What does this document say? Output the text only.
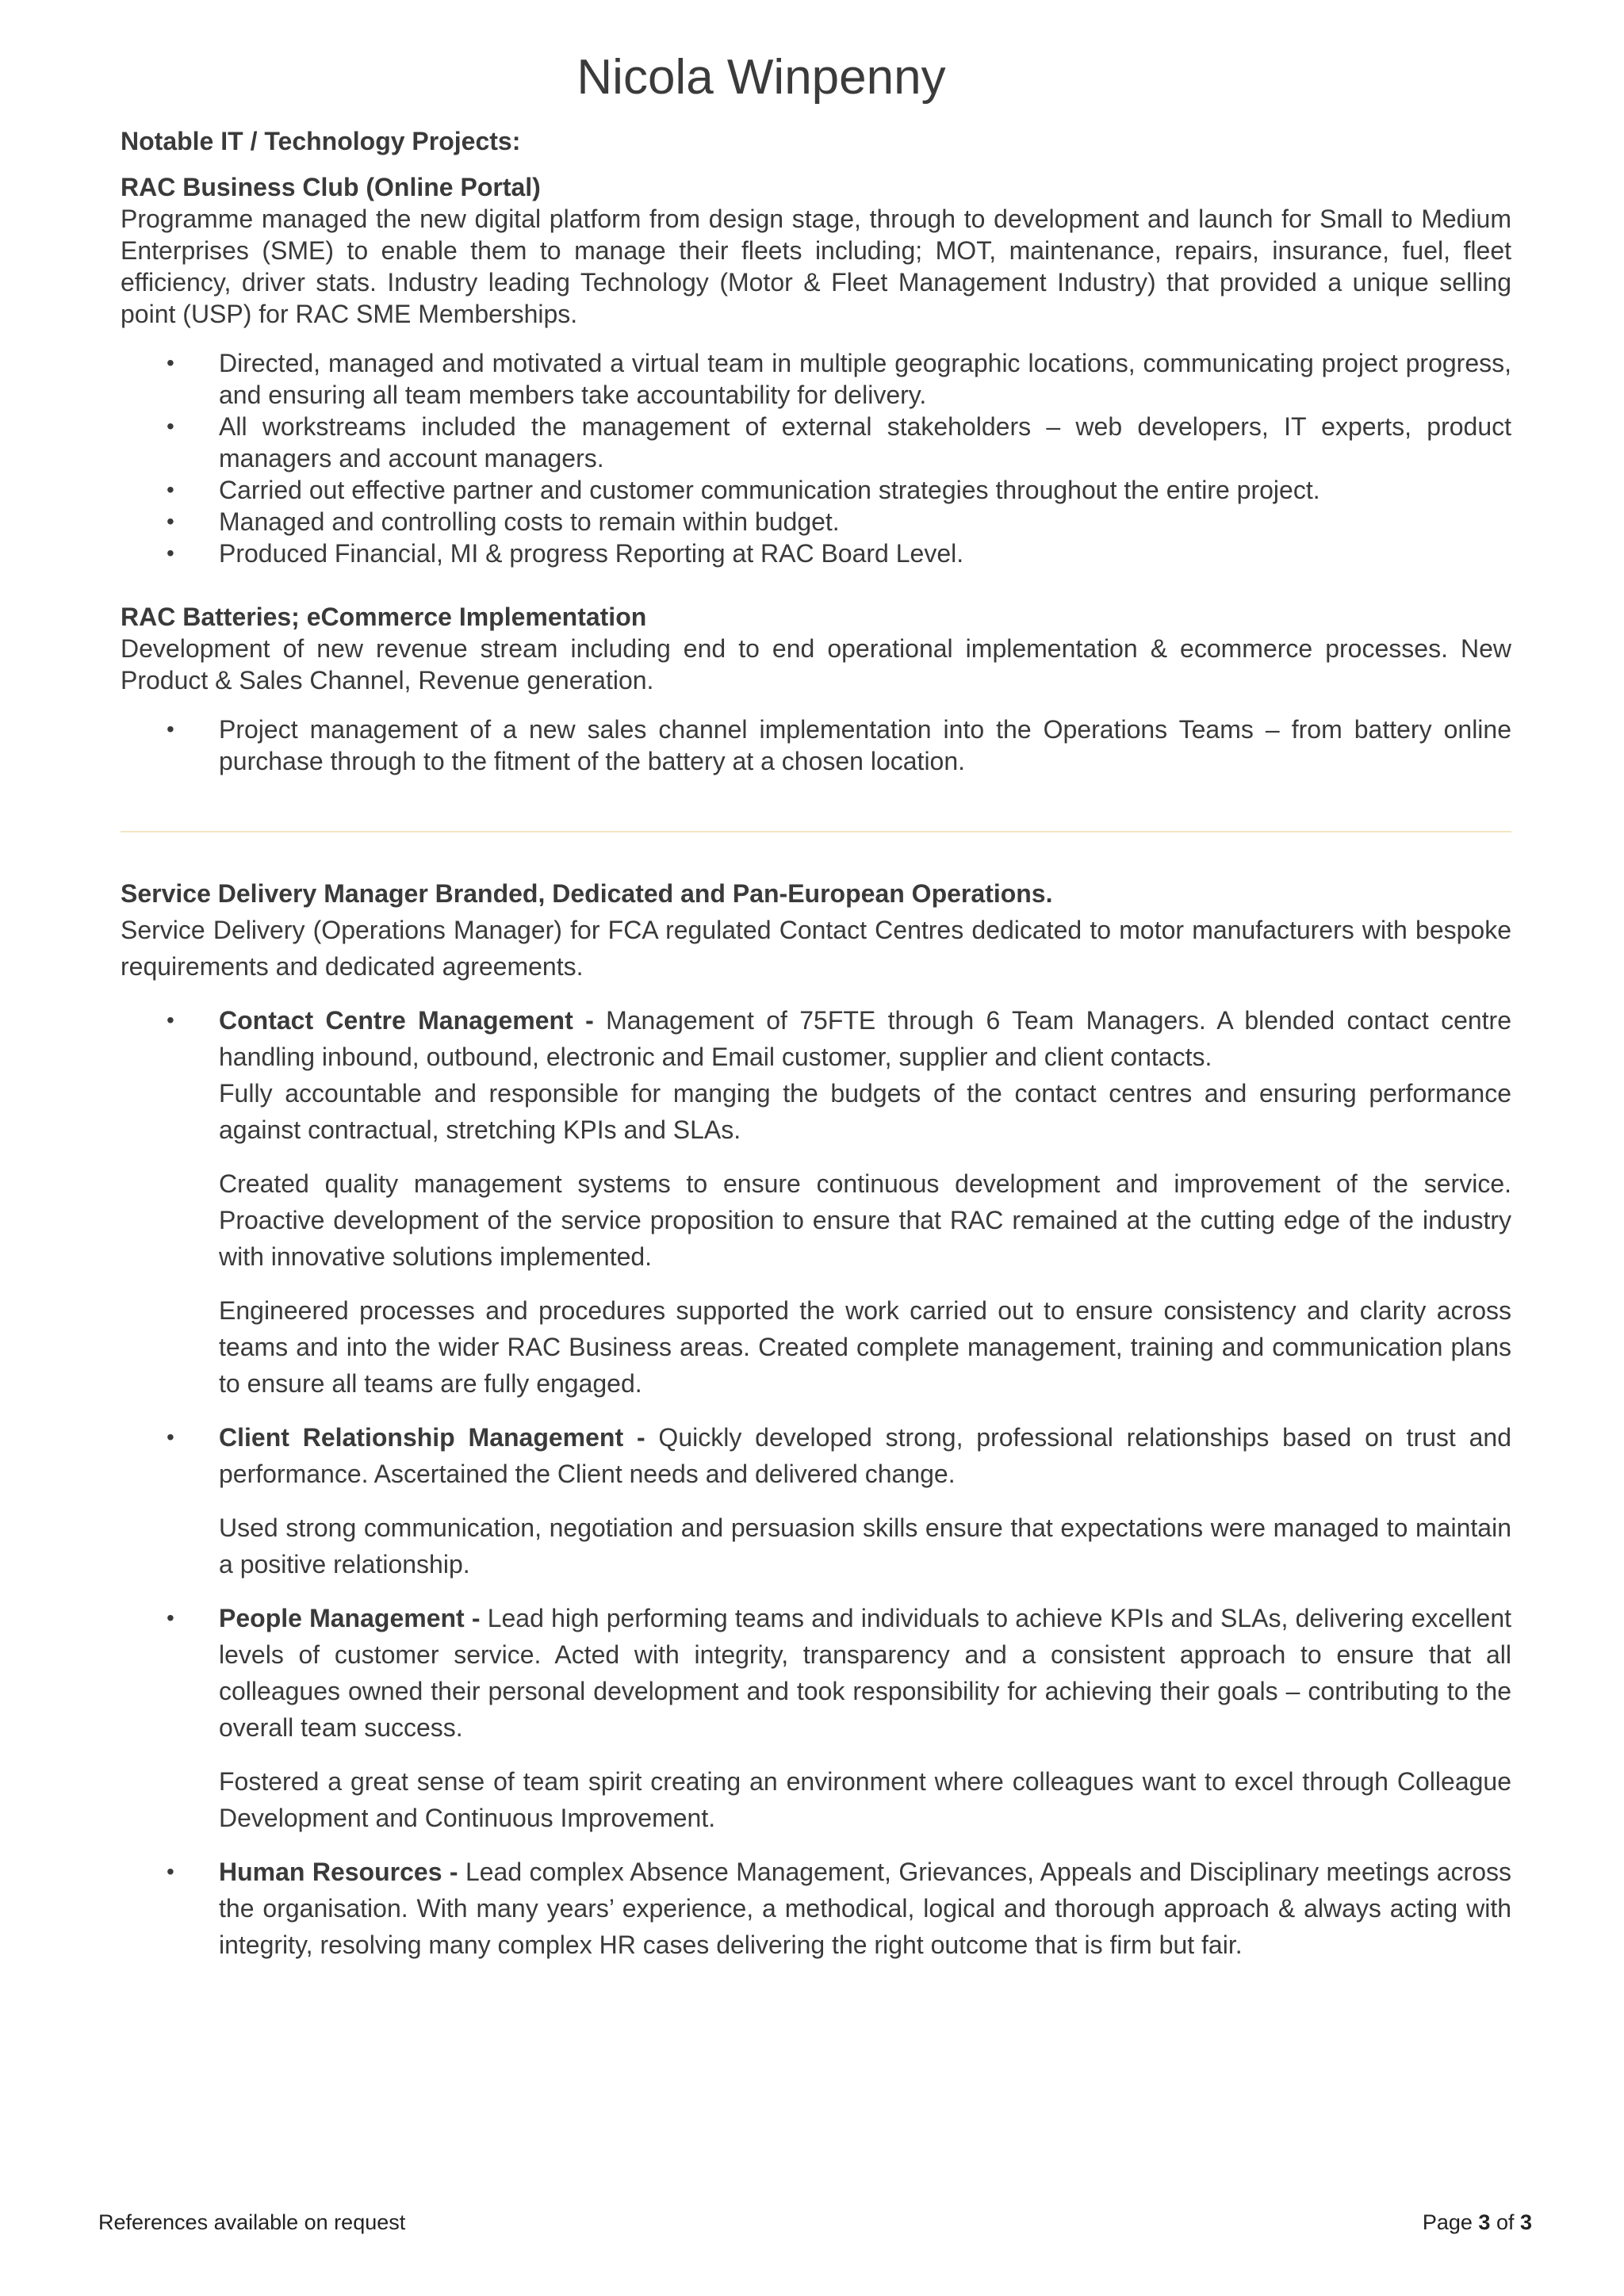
Nicola Winpenny
Notable IT / Technology Projects:
RAC Business Club (Online Portal)
Programme managed the new digital platform from design stage, through to development and launch for Small to Medium Enterprises (SME) to enable them to manage their fleets including; MOT, maintenance, repairs, insurance, fuel, fleet efficiency, driver stats. Industry leading Technology (Motor & Fleet Management Industry) that provided a unique selling point (USP) for RAC SME Memberships.
• Directed, managed and motivated a virtual team in multiple geographic locations, communicating project progress, and ensuring all team members take accountability for delivery.
• All workstreams included the management of external stakeholders – web developers, IT experts, product managers and account managers.
• Carried out effective partner and customer communication strategies throughout the entire project.
• Managed and controlling costs to remain within budget.
• Produced Financial, MI & progress Reporting at RAC Board Level.
RAC Batteries; eCommerce Implementation
Development of new revenue stream including end to end operational implementation & ecommerce processes. New Product & Sales Channel, Revenue generation.
• Project management of a new sales channel implementation into the Operations Teams – from battery online purchase through to the fitment of the battery at a chosen location.
Service Delivery Manager Branded, Dedicated and Pan-European Operations.
Service Delivery (Operations Manager) for FCA regulated Contact Centres dedicated to motor manufacturers with bespoke requirements and dedicated agreements.
• Contact Centre Management - Management of 75FTE through 6 Team Managers. A blended contact centre handling inbound, outbound, electronic and Email customer, supplier and client contacts.
Fully accountable and responsible for manging the budgets of the contact centres and ensuring performance against contractual, stretching KPIs and SLAs.
Created quality management systems to ensure continuous development and improvement of the service. Proactive development of the service proposition to ensure that RAC remained at the cutting edge of the industry with innovative solutions implemented.
Engineered processes and procedures supported the work carried out to ensure consistency and clarity across teams and into the wider RAC Business areas. Created complete management, training and communication plans to ensure all teams are fully engaged.
• Client Relationship Management - Quickly developed strong, professional relationships based on trust and performance. Ascertained the Client needs and delivered change.
Used strong communication, negotiation and persuasion skills ensure that expectations were managed to maintain a positive relationship.
• People Management - Lead high performing teams and individuals to achieve KPIs and SLAs, delivering excellent levels of customer service. Acted with integrity, transparency and a consistent approach to ensure that all colleagues owned their personal development and took responsibility for achieving their goals – contributing to the overall team success.
Fostered a great sense of team spirit creating an environment where colleagues want to excel through Colleague Development and Continuous Improvement.
• Human Resources - Lead complex Absence Management, Grievances, Appeals and Disciplinary meetings across the organisation. With many years’ experience, a methodical, logical and thorough approach & always acting with integrity, resolving many complex HR cases delivering the right outcome that is firm but fair.
References available on request	Page 3 of 3
